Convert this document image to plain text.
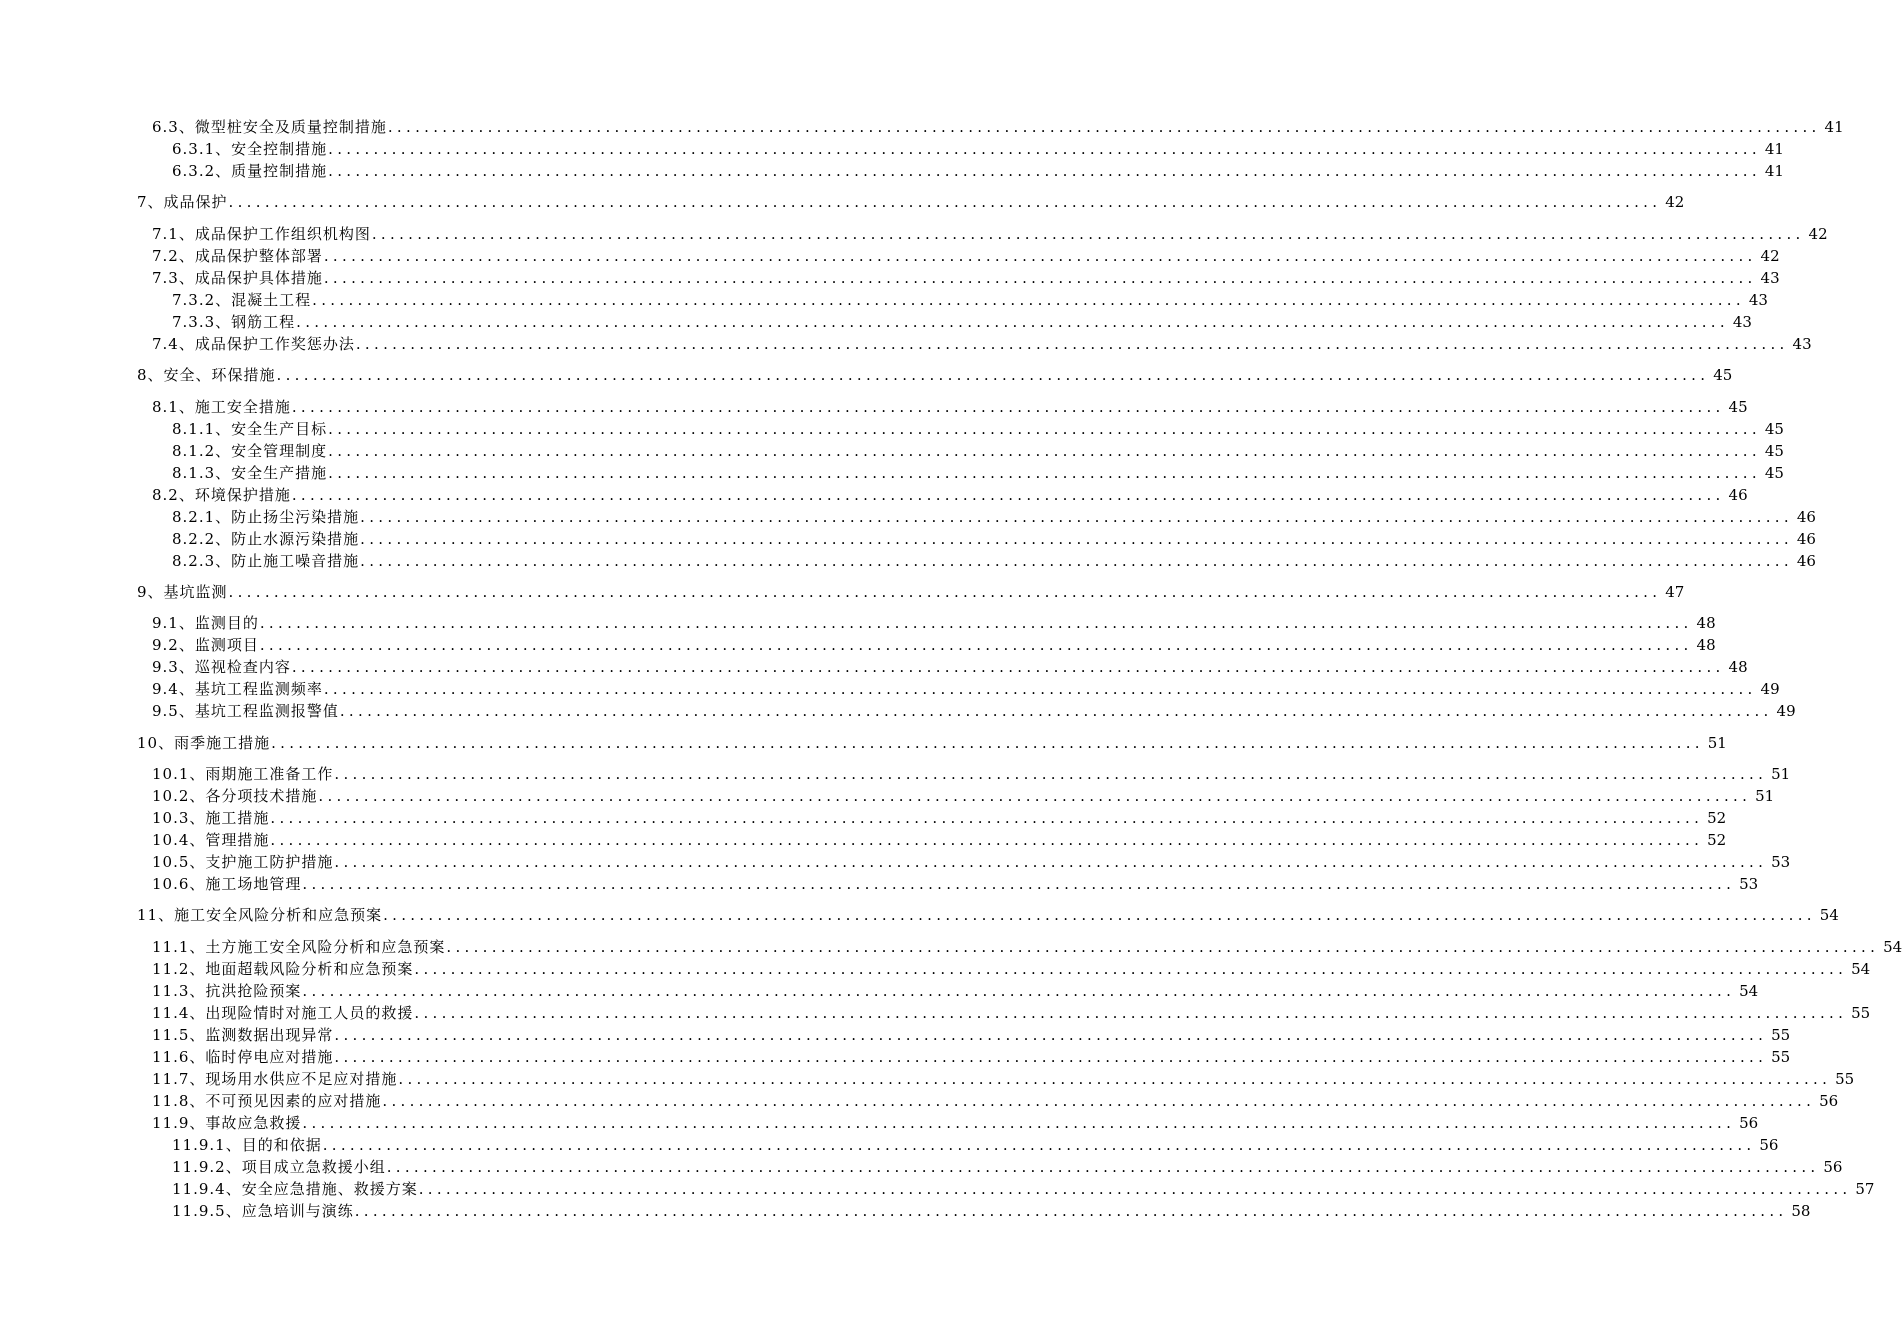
6.3、微型桩安全及质量控制措施 .............................................................................................................................................................. 41
6.3.1、安全控制措施 .............................................................................................................................................................. 41
6.3.2、质量控制措施 .............................................................................................................................................................. 41
7、成品保护 .............................................................................................................................................................. 42
7.1、成品保护工作组织机构图 .............................................................................................................................................................. 42
7.2、成品保护整体部署 .............................................................................................................................................................. 42
7.3、成品保护具体措施 .............................................................................................................................................................. 43
7.3.2、混凝土工程 .............................................................................................................................................................. 43
7.3.3、钢筋工程 .............................................................................................................................................................. 43
7.4、成品保护工作奖惩办法 .............................................................................................................................................................. 43
8、安全、环保措施 .............................................................................................................................................................. 45
8.1、施工安全措施 .............................................................................................................................................................. 45
8.1.1、安全生产目标 .............................................................................................................................................................. 45
8.1.2、安全管理制度 .............................................................................................................................................................. 45
8.1.3、安全生产措施 .............................................................................................................................................................. 45
8.2、环境保护措施 .............................................................................................................................................................. 46
8.2.1、防止扬尘污染措施 .............................................................................................................................................................. 46
8.2.2、防止水源污染措施 .............................................................................................................................................................. 46
8.2.3、防止施工噪音措施 .............................................................................................................................................................. 46
9、基坑监测 .............................................................................................................................................................. 47
9.1、监测目的 .............................................................................................................................................................. 48
9.2、监测项目 .............................................................................................................................................................. 48
9.3、巡视检查内容 .............................................................................................................................................................. 48
9.4、基坑工程监测频率 .............................................................................................................................................................. 49
9.5、基坑工程监测报警值 .............................................................................................................................................................. 49
10、雨季施工措施 .............................................................................................................................................................. 51
10.1、雨期施工准备工作 .............................................................................................................................................................. 51
10.2、各分项技术措施 .............................................................................................................................................................. 51
10.3、施工措施 .............................................................................................................................................................. 52
10.4、管理措施 .............................................................................................................................................................. 52
10.5、支护施工防护措施 .............................................................................................................................................................. 53
10.6、施工场地管理 .............................................................................................................................................................. 53
11、施工安全风险分析和应急预案 .............................................................................................................................................................. 54
11.1、土方施工安全风险分析和应急预案 .............................................................................................................................................................. 54
11.2、地面超载风险分析和应急预案 .............................................................................................................................................................. 54
11.3、抗洪抢险预案 .............................................................................................................................................................. 54
11.4、出现险情时对施工人员的救援 .............................................................................................................................................................. 55
11.5、监测数据出现异常 .............................................................................................................................................................. 55
11.6、临时停电应对措施 .............................................................................................................................................................. 55
11.7、现场用水供应不足应对措施 .............................................................................................................................................................. 55
11.8、不可预见因素的应对措施 .............................................................................................................................................................. 56
11.9、事故应急救援 .............................................................................................................................................................. 56
11.9.1、目的和依据 .............................................................................................................................................................. 56
11.9.2、项目成立急救援小组 .............................................................................................................................................................. 56
11.9.4、安全应急措施、救援方案 .............................................................................................................................................................. 57
11.9.5、应急培训与演练 .............................................................................................................................................................. 58
